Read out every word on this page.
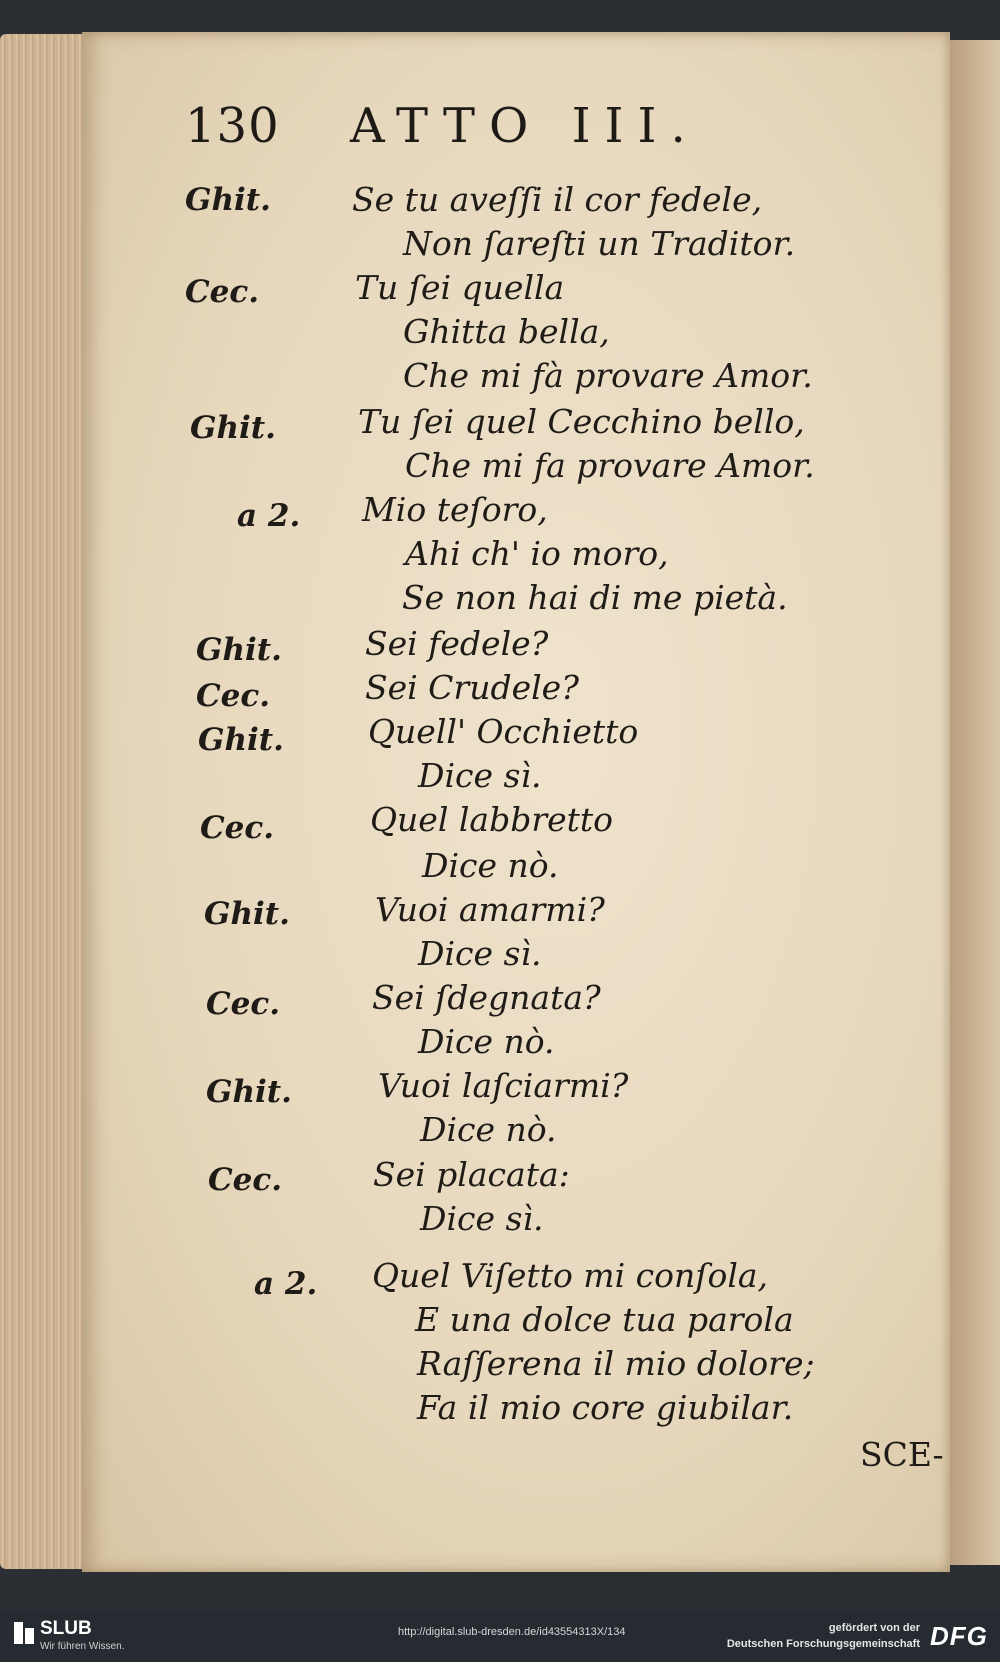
130 ATTO III.
Ghit. Se tu aveſſi il cor fedele,
Non ſareſti un Traditor.
Cec.	Tu ſei quella
Ghitta bella,
Che mi fà provare Amor.
Ghit. Tu ſei quel Cecchino bello,
Che mi fa provare Amor.
a 2. Mio teſoro,
Ahi ch' io moro,
Se non hai di me pietà.
Ghit.	Sei fedele?
Cec.	Sei Crudele?
Ghit.	Quell' Occhietto
Dice sì.
Cec.	Quel labbretto
Dice nò.
Ghit.	Vuoi amarmi?
Dice sì.
Cec.	Sei ſdegnata?
Dice nò.
Ghit.	Vuoi laſciarmi?
Dice nò.
Cec.	Sei placata:
Dice sì.
a 2. Quel Viſetto mi conſola,
E una dolce tua parola
Raſſerena il mio dolore;
Fa il mio core giubilar.
SCE-
SLUB
Wir führen Wissen.
http://digital.slub-dresden.de/id43554313X/134	gefördert von der
Deutschen Forschungsgemeinschaft DFG
